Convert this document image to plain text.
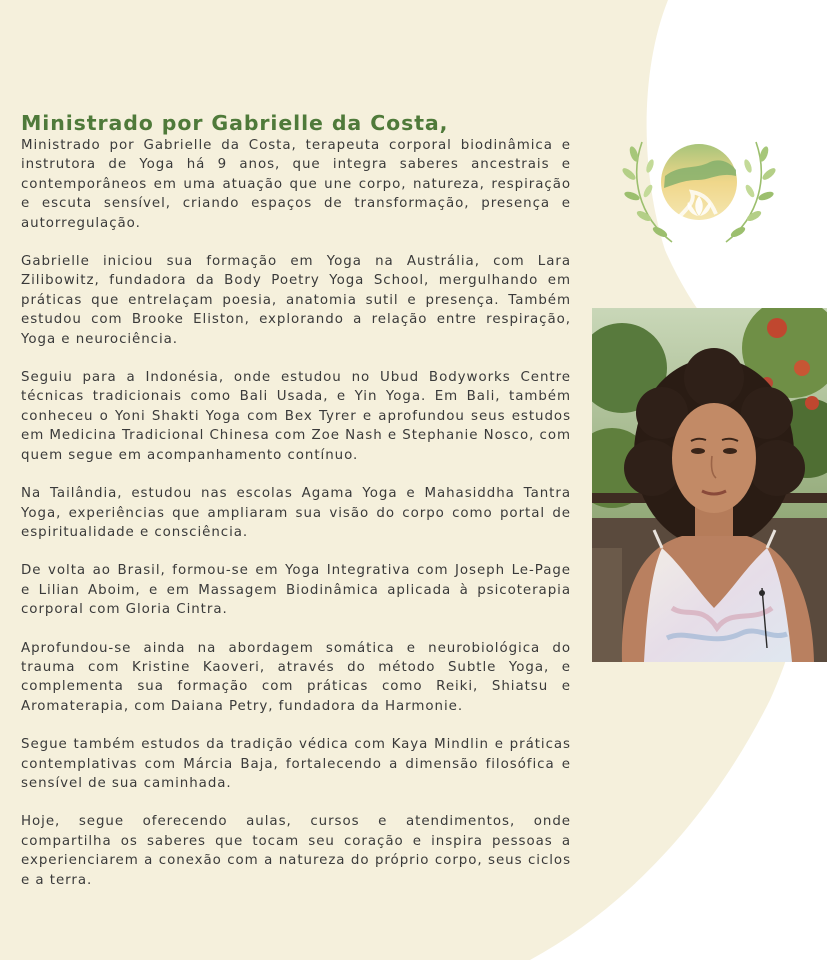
Ministrado por Gabrielle da Costa,

Ministrado por Gabrielle da Costa, terapeuta corporal biodinâmica e instrutora de Yoga há 9 anos, que integra saberes ancestrais e contemporâneos em uma atuação que une corpo, natureza, respiração e escuta sensível, criando espaços de transformação, presença e autorregulação.

Gabrielle iniciou sua formação em Yoga na Austrália, com Lara Zilibowitz, fundadora da Body Poetry Yoga School, mergulhando em práticas que entrelaçam poesia, anatomia sutil e presença. Também estudou com Brooke Eliston, explorando a relação entre respiração, Yoga e neurociência.

Seguiu para a Indonésia, onde estudou no Ubud Bodyworks Centre técnicas tradicionais como Bali Usada, e Yin Yoga. Em Bali, também conheceu o Yoni Shakti Yoga com Bex Tyrer e aprofundou seus estudos em Medicina Tradicional Chinesa com Zoe Nash e Stephanie Nosco, com quem segue em acompanhamento contínuo.

Na Tailândia, estudou nas escolas Agama Yoga e Mahasiddha Tantra Yoga, experiências que ampliaram sua visão do corpo como portal de espiritualidade e consciência.

De volta ao Brasil, formou-se em Yoga Integrativa com Joseph Le-Page e Lilian Aboim, e em Massagem Biodinâmica aplicada à psicoterapia corporal com Gloria Cintra.

Aprofundou-se ainda na abordagem somática e neurobiológica do trauma com Kristine Kaoveri, através do método Subtle Yoga, e complementa sua formação com práticas como Reiki, Shiatsu e Aromaterapia, com Daiana Petry, fundadora da Harmonie.

Segue também estudos da tradição védica com Kaya Mindlin e práticas contemplativas com Márcia Baja, fortalecendo a dimensão filosófica e sensível de sua caminhada.

Hoje, segue oferecendo aulas, cursos e atendimentos, onde compartilha os saberes que tocam seu coração e inspira pessoas a experienciarem a conexão com a natureza do próprio corpo, seus ciclos e a terra.
